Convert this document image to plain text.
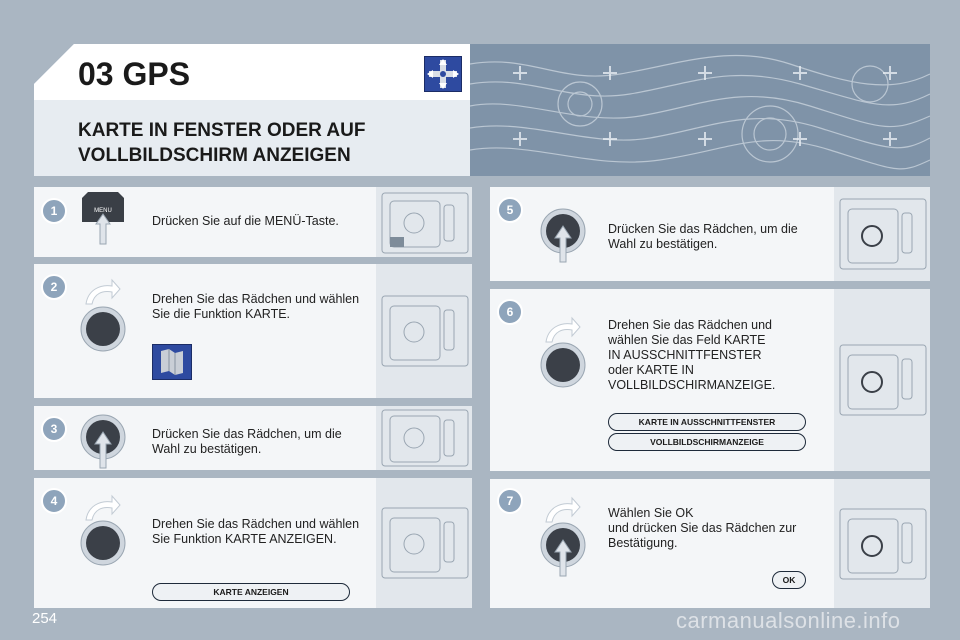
03 GPS
KARTE IN FENSTER ODER AUF
VOLLBILDSCHIRM ANZEIGEN
1	MENU
Drücken Sie auf die MENÜ-Taste.
2
Drehen Sie das Rädchen und wählen Sie die Funktion KARTE.
3	Drücken Sie das Rädchen, um die Wahl zu bestätigen.
4
Drehen Sie das Rädchen und wählen Sie Funktion KARTE ANZEIGEN.
KARTE ANZEIGEN
5
Drücken Sie das Rädchen, um die Wahl zu bestätigen.
6
Drehen Sie das Rädchen und
wählen Sie das Feld KARTE
IN AUSSCHNITTFENSTER
oder KARTE IN
VOLLBILDSCHIRMANZEIGE.
KARTE IN AUSSCHNITTFENSTER
VOLLBILDSCHIRMANZEIGE
7
Wählen Sie OK
und drücken Sie das Rädchen zur
Bestätigung.
OK
254	carmanualsonline.info
